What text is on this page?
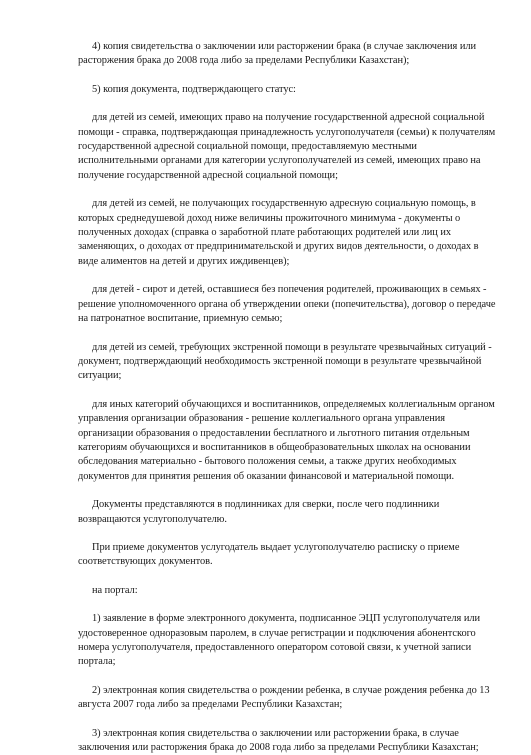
4) копия свидетельства о заключении или расторжении брака (в случае заключения или расторжения брака до 2008 года либо за пределами Республики Казахстан);

5) копия документа, подтверждающего статус:

для детей из семей, имеющих право на получение государственной адресной социальной помощи - справка, подтверждающая принадлежность услугополучателя (семьи) к получателям государственной адресной социальной помощи, предоставляемую местными исполнительными органами для категории услугополучателей из семей, имеющих право на получение государственной адресной социальной помощи;

для детей из семей, не получающих государственную адресную социальную помощь, в которых среднедушевой доход ниже величины прожиточного минимума - документы о полученных доходах (справка о заработной плате работающих родителей или лиц их заменяющих, о доходах от предпринимательской и других видов деятельности, о доходах в виде алиментов на детей и других иждивенцев);

для детей - сирот и детей, оставшиеся без попечения родителей, проживающих в семьях - решение уполномоченного органа об утверждении опеки (попечительства), договор о передаче на патронатное воспитание, приемную семью;

для детей из семей, требующих экстренной помощи в результате чрезвычайных ситуаций - документ, подтверждающий необходимость экстренной помощи в результате чрезвычайной ситуации;

для иных категорий обучающихся и воспитанников, определяемых коллегиальным органом управления организации образования - решение коллегиального органа управления организации образования о предоставлении бесплатного и льготного питания отдельным категориям обучающихся и воспитанников в общеобразовательных школах на основании обследования материально - бытового положения семьи, а также других необходимых документов для принятия решения об оказании финансовой и материальной помощи.

Документы представляются в подлинниках для сверки, после чего подлинники возвращаются услугополучателю.

При приеме документов услугодатель выдает услугополучателю расписку о приеме соответствующих документов.

на портал:

1) заявление в форме электронного документа, подписанное ЭЦП услугополучателя или удостоверенное одноразовым паролем, в случае регистрации и подключения абонентского номера услугополучателя, предоставленного оператором сотовой связи, к учетной записи портала;

2) электронная копия свидетельства о рождении ребенка, в случае рождения ребенка до 13 августа 2007 года либо за пределами Республики Казахстан;

3) электронная копия свидетельства о заключении или расторжении брака, в случае заключения или расторжения брака до 2008 года либо за пределами Республики Казахстан;
